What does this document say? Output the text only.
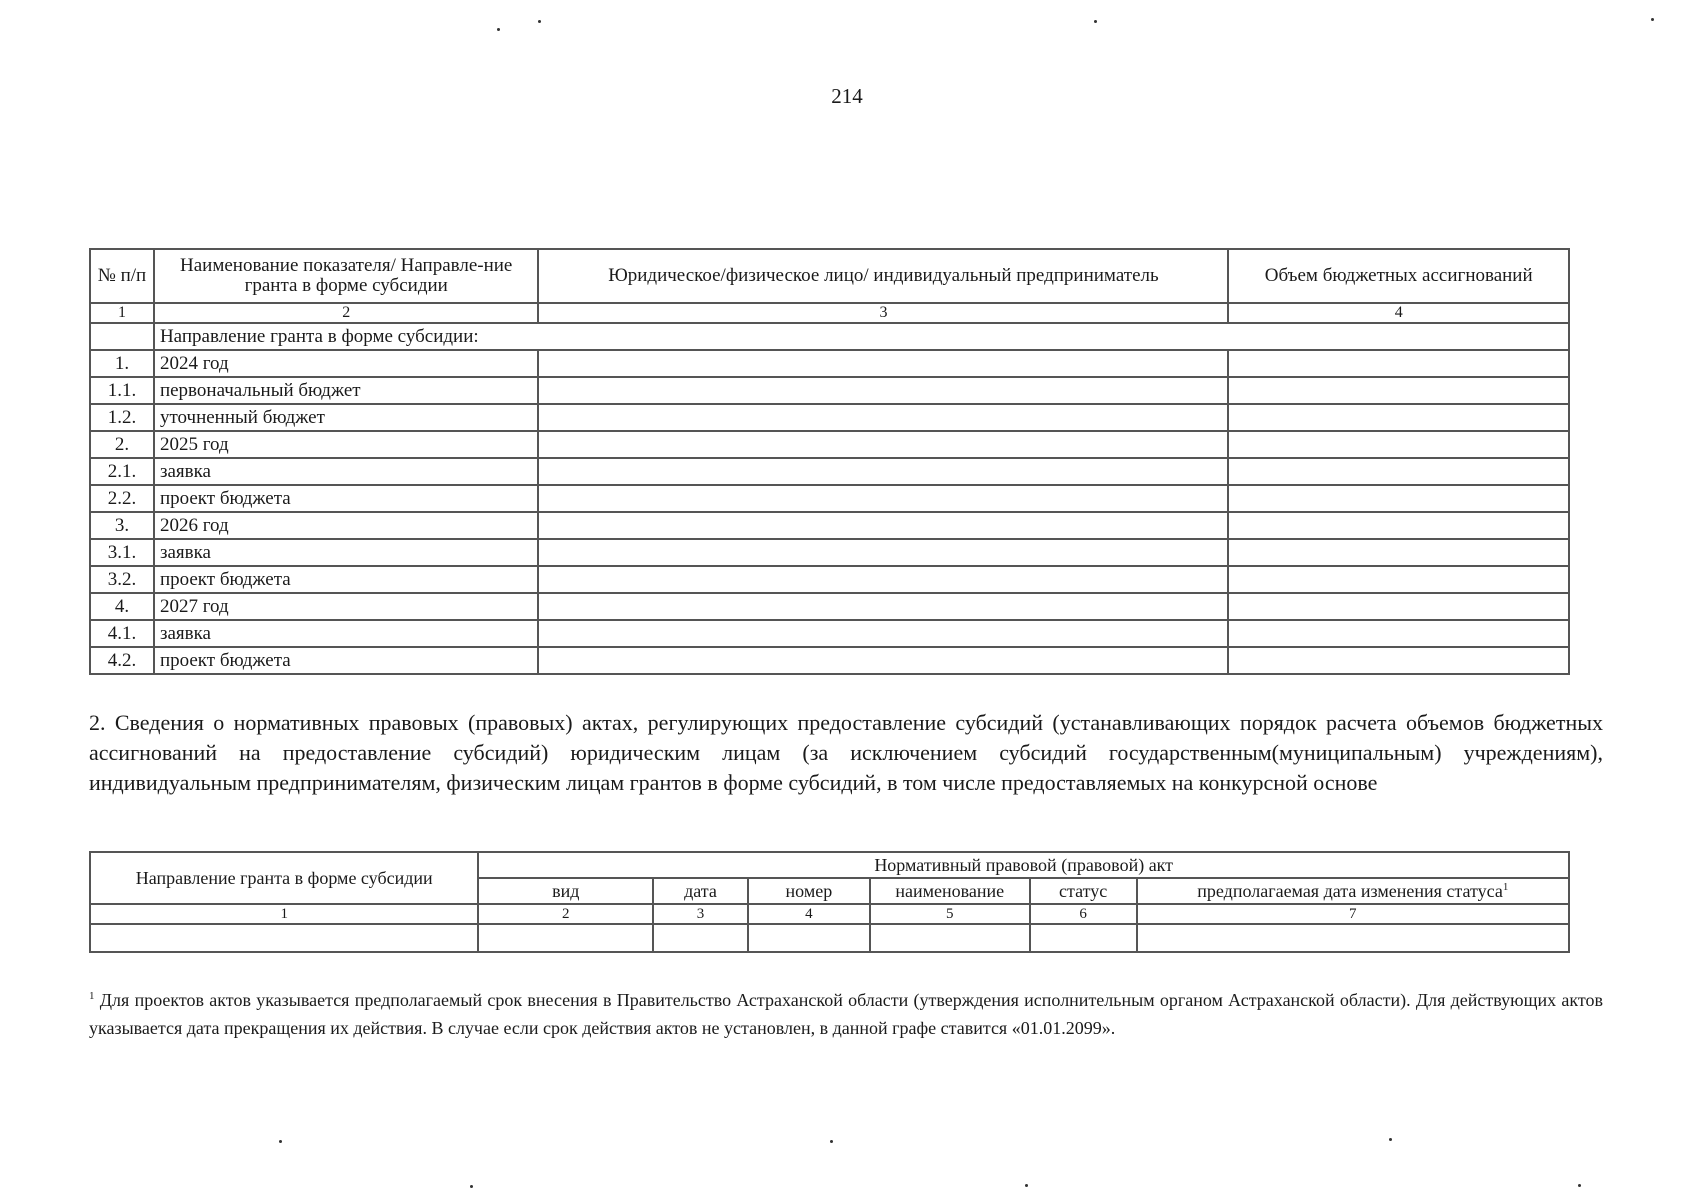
214
№ п/п	Наименование показателя/ Направле-ние гранта в форме субсидии	Юридическое/физическое лицо/ индивидуальный предприниматель	Объем бюджетных ассигнований
1	2	3	4
	Направление гранта в форме субсидии:		
1.	2024 год		
1.1.	первоначальный бюджет		
1.2.	уточненный бюджет		
2.	2025 год		
2.1.	заявка		
2.2.	проект бюджета		
3.	2026 год		
3.1.	заявка		
3.2.	проект бюджета		
4.	2027 год		
4.1.	заявка		
4.2.	проект бюджета		

2. Сведения о нормативных правовых (правовых) актах, регулирующих предоставление субсидий (устанавливающих порядок расчета объемов бюджетных ассигнований на предоставление субсидий) юридическим лицам (за исключением субсидий государственным(муниципальным) учреждениям), индивидуальным предпринимателям, физическим лицам грантов в форме субсидий, в том числе предоставляемых на конкурсной основе

Направление гранта в форме субсидии	Нормативный правовой (правовой) акт					
	вид	дата	номер	наименование	статус	предполагаемая дата изменения статуса$^1$
1	2	3	4	5	6	7

$^1$ Для проектов актов указывается предполагаемый срок внесения в Правительство Астраханской области (утверждения исполнительным органом Астраханской области). Для действующих актов указывается дата прекращения их действия. В случае если срок действия актов не установлен, в данной графе ставится «01.01.2099».
